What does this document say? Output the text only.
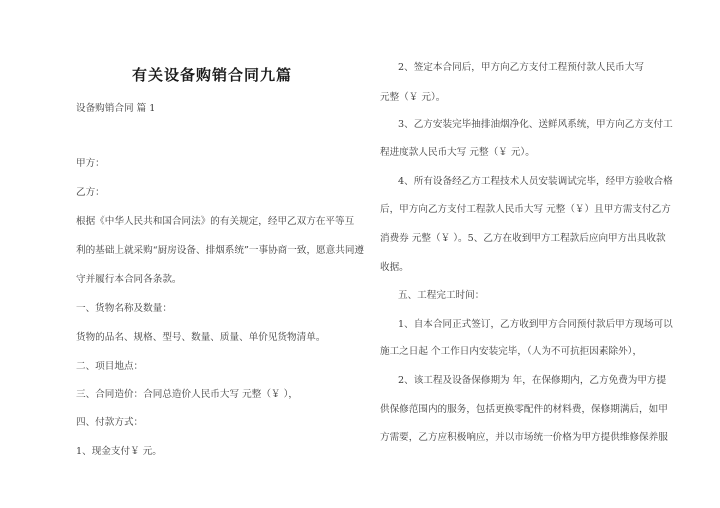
有关设备购销合同九篇
设备购销合同 篇 1
甲方：
乙方：
根据《中华人民共和国合同法》的有关规定，经甲乙双方在平等互
利的基础上就采购“厨房设备、排烟系统”一事协商一致，愿意共同遵
守并履行本合同各条款。
一、货物名称及数量：
货物的品名、规格、型号、数量、质量、单价见货物清单。
二、项目地点：
三、合同造价：合同总造价人民币大写 元整（￥ ），
四、付款方式：
1、现金支付￥ 元。
2、签定本合同后，甲方向乙方支付工程预付款人民币大写
元整（￥ 元）。
3、乙方安装完毕抽排油烟净化、送鲜风系统，甲方向乙方支付工
程进度款人民币大写 元整（￥ 元）。
4、所有设备经乙方工程技术人员安装调试完毕，经甲方验收合格
后，甲方向乙方支付工程款人民币大写 元整（￥）且甲方需支付乙方
消费券 元整（￥ ）。5、乙方在收到甲方工程款后应向甲方出具收款
收据。
五、工程完工时间：
1、自本合同正式签订，乙方收到甲方合同预付款后甲方现场可以
施工之日起 个工作日内安装完毕，（人为不可抗拒因素除外），
2、该工程及设备保修期为 年，在保修期内，乙方免费为甲方提
供保修范围内的服务，包括更换零配件的材料费，保修期满后，如甲
方需要，乙方应积极响应，并以市场统一价格为甲方提供维修保养服
